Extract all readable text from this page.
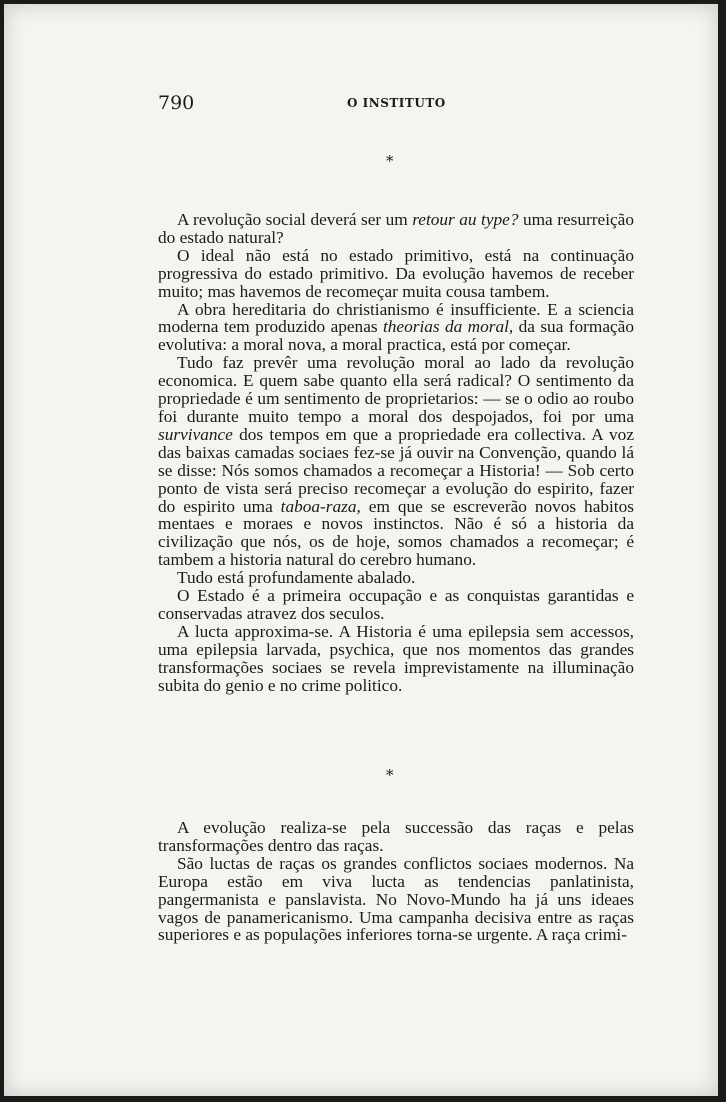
790	O INSTITUTO
*

A revolução social deverá ser um retour au type? uma resurreição do estado natural?

O ideal não está no estado primitivo, está na continuação progressiva do estado primitivo. Da evolução havemos de receber muito; mas havemos de recomeçar muita cousa tambem.

A obra hereditaria do christianismo é insufficiente. E a sciencia moderna tem produzido apenas theorias da moral, da sua formação evolutiva: a moral nova, a moral practica, está por começar.

Tudo faz prevêr uma revolução moral ao lado da revolução economica. E quem sabe quanto ella será radical? O sentimento da propriedade é um sentimento de proprietarios: — se o odio ao roubo foi durante muito tempo a moral dos despojados, foi por uma survivance dos tempos em que a propriedade era collectiva. A voz das baixas camadas sociaes fez-se já ouvir na Convenção, quando lá se disse: Nós somos chamados a recomeçar a Historia! — Sob certo ponto de vista será preciso recomeçar a evolução do espirito, fazer do espirito uma taboa-raza, em que se escreverão novos habitos mentaes e moraes e novos instinctos. Não é só a historia da civilização que nós, os de hoje, somos chamados a recomeçar; é tambem a historia natural do cerebro humano.

Tudo está profundamente abalado.

O Estado é a primeira occupação e as conquistas garantidas e conservadas atravez dos seculos.

A lucta approxima-se. A Historia é uma epilepsia sem accessos, uma epilepsia larvada, psychica, que nos momentos das grandes transformações sociaes se revela imprevistamente na illuminação subita do genio e no crime politico.

*

A evolução realiza-se pela successão das raças e pelas transformações dentro das raças.

São luctas de raças os grandes conflictos sociaes modernos. Na Europa estão em viva lucta as tendencias panlatinista, pangermanista e panslavista. No Novo-Mundo ha já uns ideaes vagos de panamericanismo. Uma campanha decisiva entre as raças superiores e as populações inferiores torna-se urgente. A raça crimi-
